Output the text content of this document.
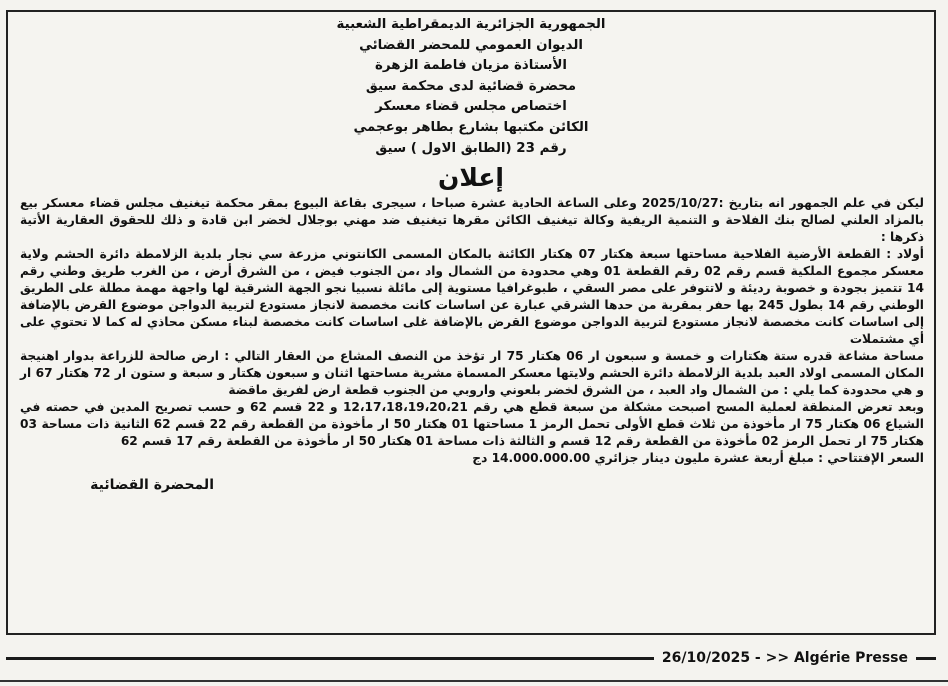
الجمهورية الجزائرية الديمقراطية الشعبية
الديوان العمومي للمحضر القضائي
الأستاذة مزيان فاطمة الزهرة
محضرة قضائية لدى محكمة سيق
اختصاص مجلس قضاء معسكر
الكائن مكتبها بشارع بطاهر بوعجمي
رقم 23 (الطابق الاول ) سيق
إعلان

ليكن في علم الجمهور انه بتاريخ :2025/10/27 وعلى الساعة الحادية عشرة صباحا ، سيجرى بقاعة البيوع بمقر محكمة تيغنيف مجلس قضاء معسكر بيع بالمزاد العلني لصالح بنك الفلاحة و التنمية الريفية وكالة تيغنيف الكائن مقرها تيغنيف ضد مهني بوجلال لخضر ابن قادة و ذلك للحقوق العقارية الأتية ذكرها :

أولاد : القطعة الأرضية الفلاحية مساحتها سبعة هكتار 07 هكتار الكائنة بالمكان المسمى الكانتوني مزرعة سي نجار بلدية الزلامطة دائرة الحشم ولاية معسكر مجموع الملكية قسم رقم 02 رقم القطعة 01 وهي محدودة من الشمال واد ،من الجنوب فيض ، من الشرق أرض ، من الغرب طريق وطني رقم 14 تتميز بجودة و خصوبة رديئة و لاتتوفر على مصر السقي ، طبوغرافيا مستوية إلى مائلة نسبيا نجو الجهة الشرقية لها واجهة مهمة مطلة على الطريق الوطني رقم 14 بطول 245 بها حفر بمقربة من حدها الشرقي عبارة عن اساسات كانت مخصصة لانجاز مستودع لتربية الدواجن موضوع القرض بالإضافة إلى اساسات كانت مخصصة لانجاز مستودع لتربية الدواجن موضوع القرض بالإضافة غلى اساسات كانت مخصصة لبناء مسكن محاذي له كما لا تحتوي على أي مشتملات

مساحة مشاعة قدره ستة هكتارات و خمسة و سبعون ار 06 هكتار 75 ار تؤخذ من النصف المشاع من العقار التالي : ارض صالحة للزراعة بدوار اهنيجة المكان المسمى اولاد العبد بلدية الزلامطة دائرة الحشم ولايتها معسكر المسماة مشرية مساحتها اثنان و سبعون هكتار و سبعة و ستون ار 72 هكتار 67 ار و هي محدودة كما يلي : من الشمال واد العبد ، من الشرق لخضر بلعوني واروبي من الجنوب قطعة ارض لفريق ماقضة

وبعد تعرض المنطقة لعملية المسح اصبحت مشكلة من سبعة قطع هي رقم 12،17،18،19،20،21 و 22 قسم 62 و حسب تصريح المدين في حصته في الشياع 06 هكتار 75 ار مأخوذة من ثلاث قطع الأولى تحمل الرمز 1 مساحتها 01 هكتار 50 ار مأخوذة من القطعة رقم 22 قسم 62 الثانية ذات مساحة 03 هكتار 75 ار تحمل الرمز 02 مأخوذة من القطعة رقم 12 قسم و الثالثة ذات مساحة 01 هكتار 50 ار مأخوذة من القطعة رقم 17 قسم 62

السعر الإفتتاحي : مبلغ أربعة عشرة مليون دينار جزائري 14.000.000.00 دج

المحضرة القضائية
26/10/2025 - >> Algérie Presse
